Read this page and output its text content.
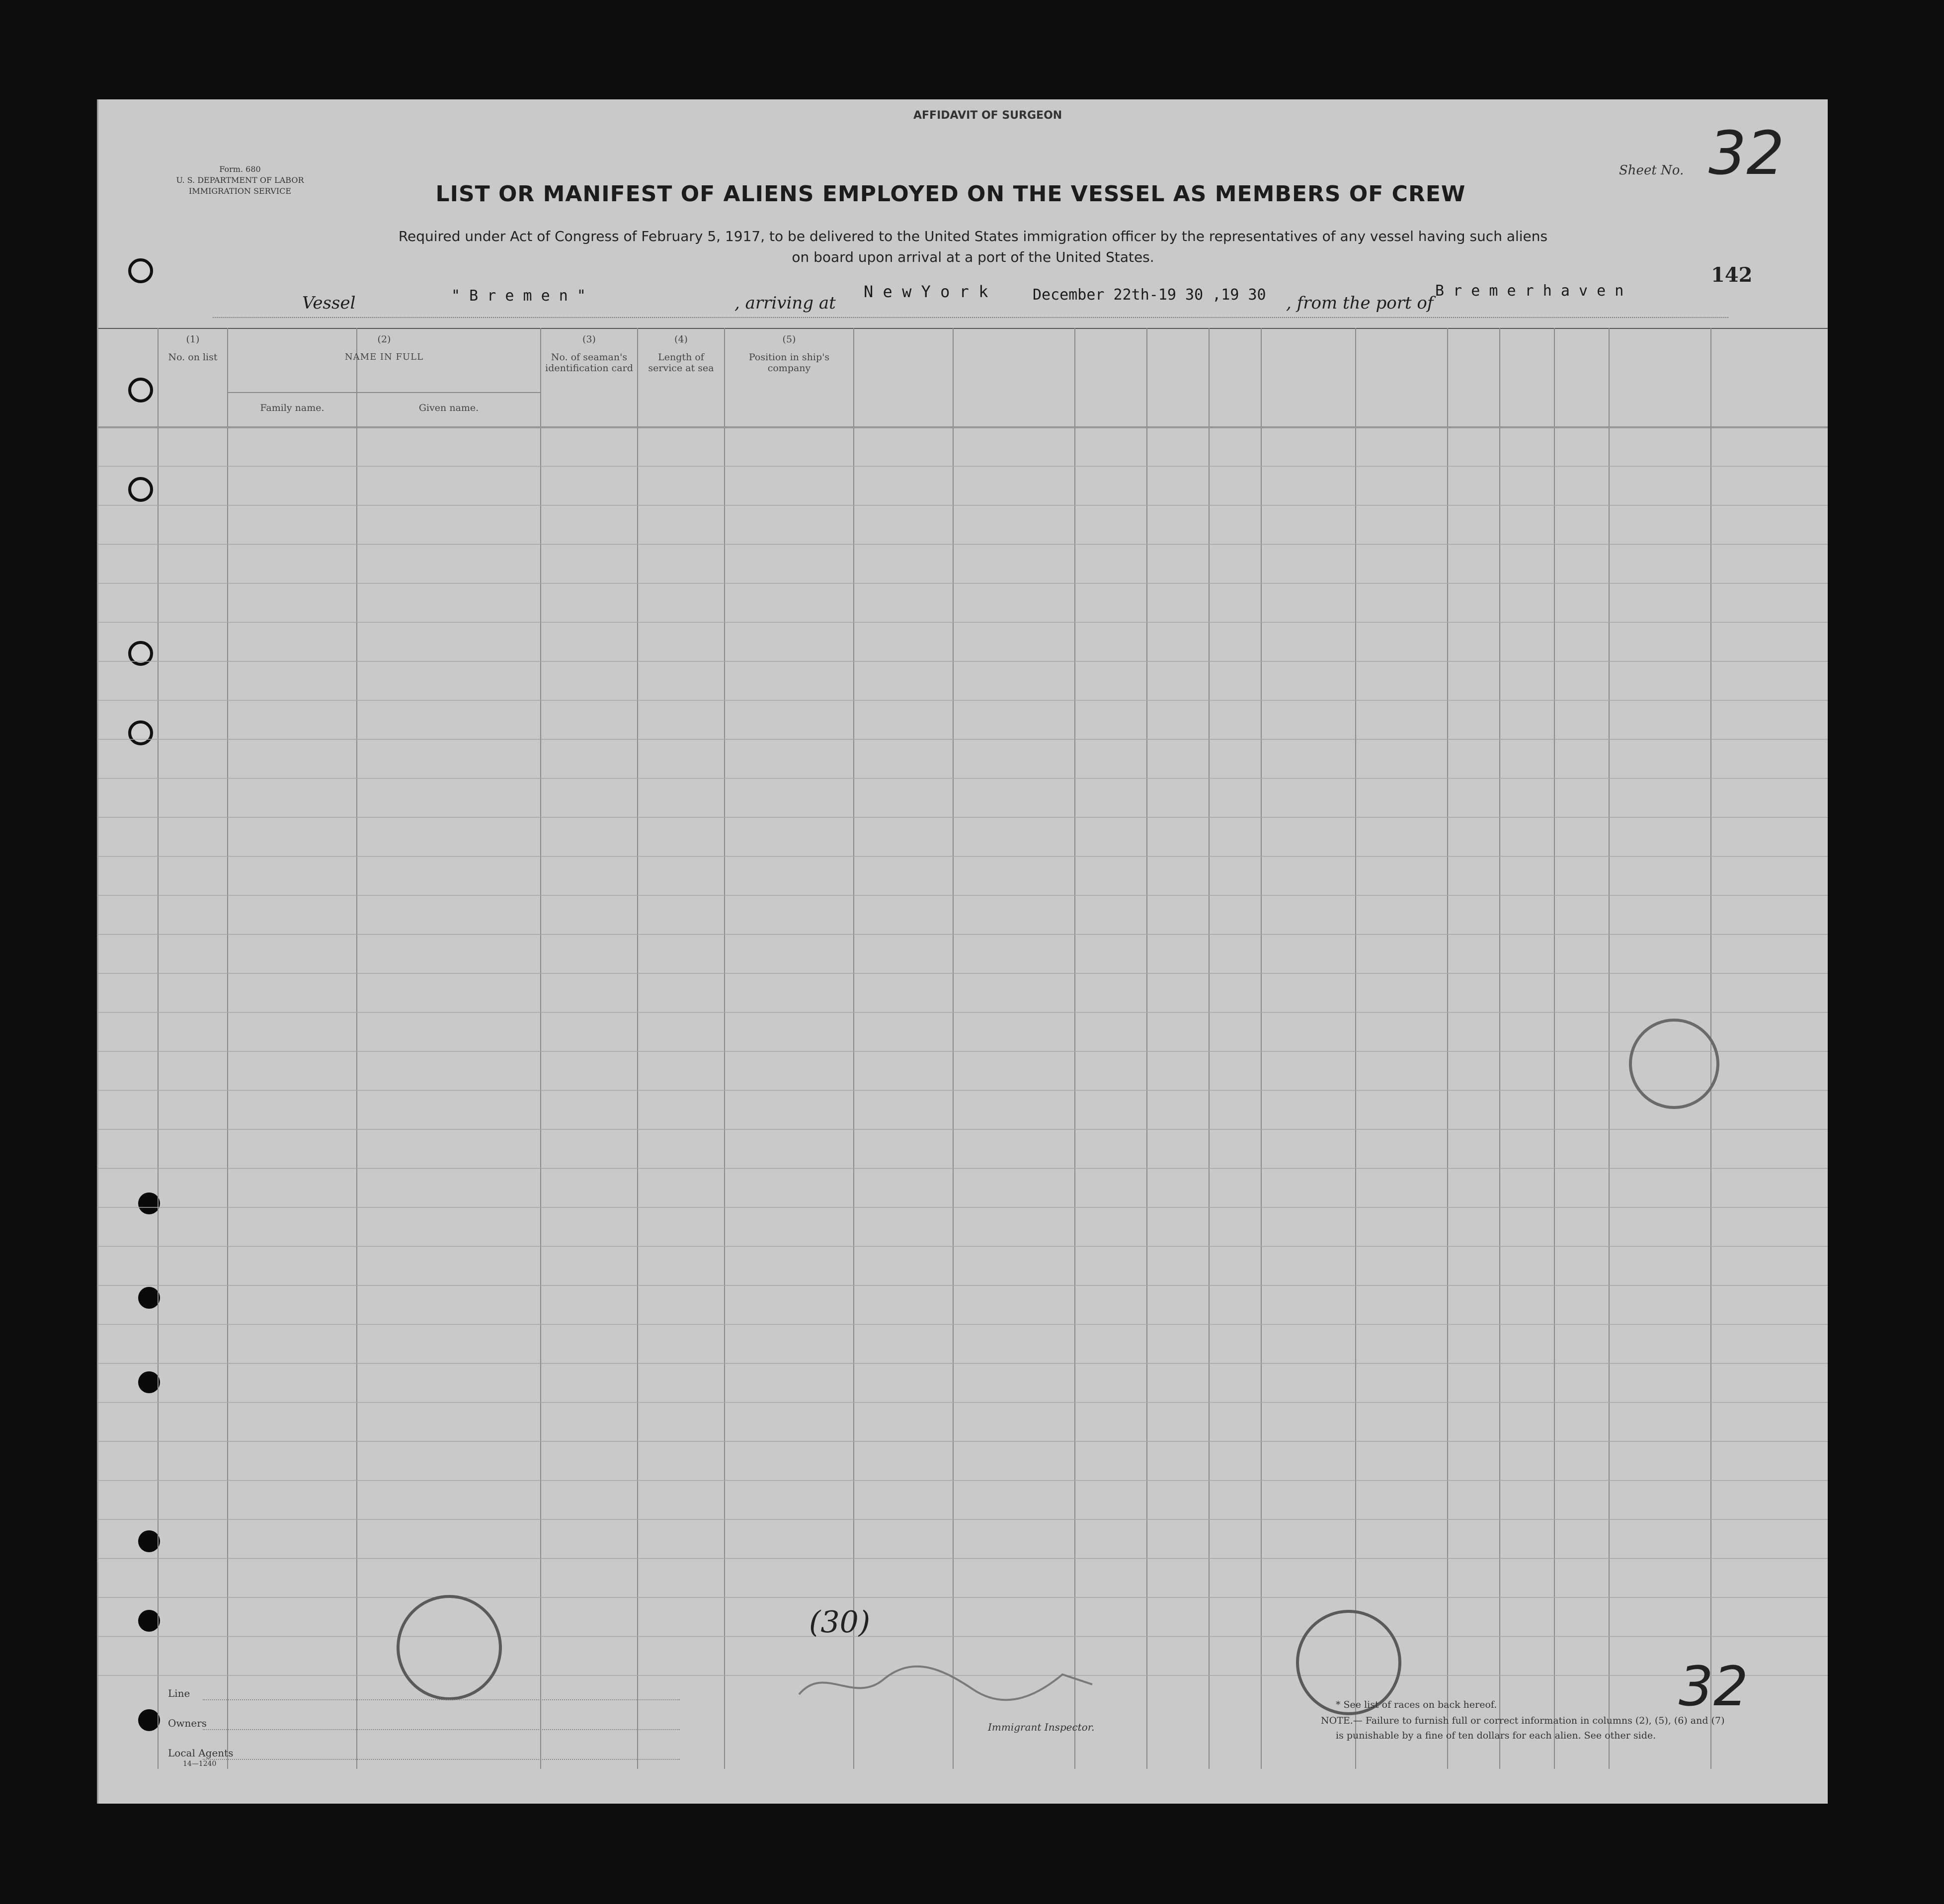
AFFIDAVIT OF SURGEON
Form. 680
U. S. DEPARTMENT OF LABOR
IMMIGRATION SERVICE	LIST OR MANIFEST OF ALIENS EMPLOYED ON THE VESSEL AS MEMBERS OF CREW
Required under Act of Congress of February 5, 1917, to be delivered to the United States immigration officer by the representatives of any vessel having such aliens
on board upon arrival at a port of the United States.
Sheet No. 32
142
Vessel	" B r e m e n "	, arriving at
N e w Y o r k	December 22th-19 30 ,19 30 , from the port of
B r e m e r h a v e n
(1)
No. on list
(2)
NAME IN FULL
Family name.	Given name.
(3)
No. of seaman's identification card
(4)
Length of service at sea
(5)
Position in ship's company
Line
Owners
Local Agents
14—1240
(30)
Immigrant Inspector.
* See list of races on back hereof.
NOTE.— Failure to furnish full or correct information in columns (2), (5), (6) and (7)
is punishable by a fine of ten dollars for each alien. See other side.
32
